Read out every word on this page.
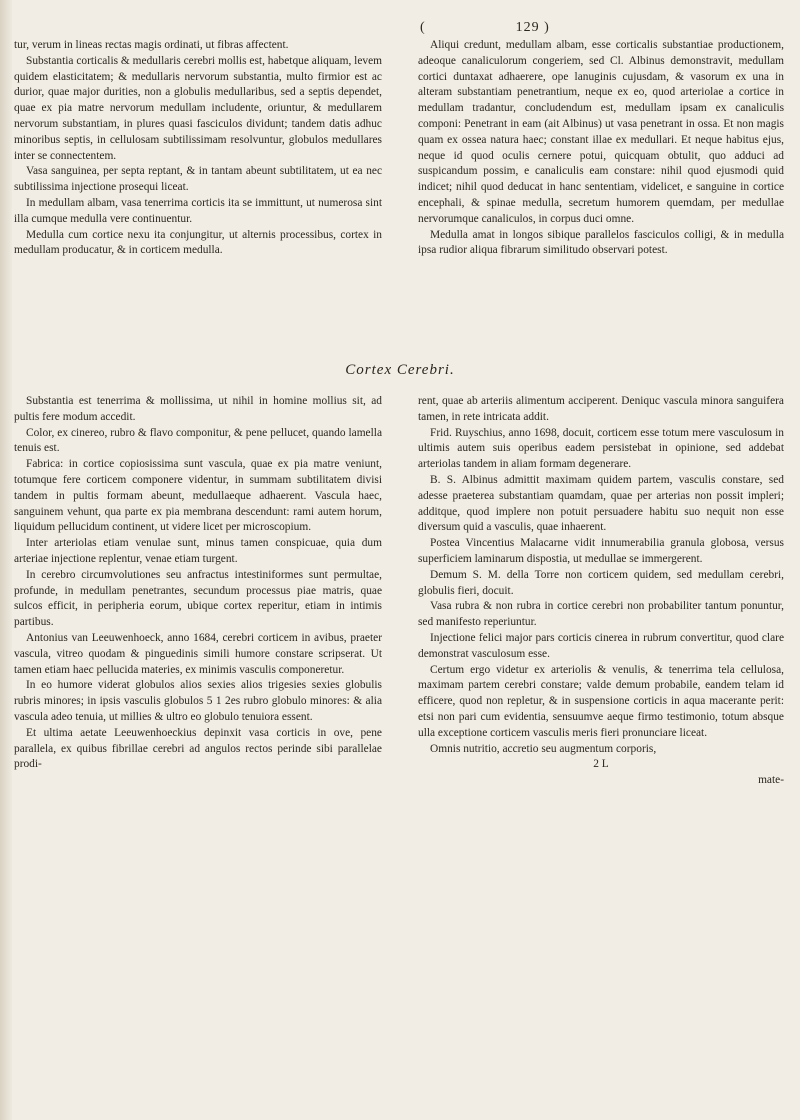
(	129 )

tur, verum in lineas rectas magis ordinati, ut fibras affectent.

Substantia corticalis & medullaris cerebri mollis est, habetque aliquam, levem quidem elasticitatem; & medullaris nervorum substantia, multo firmior est ac durior, quae major durities, non a globulis medullaribus, sed a septis dependet, quae ex pia matre nervorum medullam includente, oriuntur, & medullarem nervorum substantiam, in plures quasi fasciculos dividunt; tandem datis adhuc minoribus septis, in cellulosam subtilissimam resolvuntur, globulos medullares inter se connectentem.

Vasa sanguinea, per septa reptant, & in tantam abeunt subtilitatem, ut ea nec subtilissima injectione prosequi liceat.

In medullam albam, vasa tenerrima corticis ita se immittunt, ut numerosa sint illa cumque medulla vere continuentur.

Medulla cum cortice nexu ita conjungitur, ut alternis processibus, cortex in medullam producatur, & in corticem medulla.

Aliqui credunt, medullam albam, esse corticalis substantiae productionem, adeoque canaliculorum congeriem, sed Cl. Albinus demonstravit, medullam cortici duntaxat adhaerere, ope lanuginis cujusdam, & vasorum ex una in alteram substantiam penetrantium, neque ex eo, quod arteriolae a cortice in medullam tradantur, concludendum est, medullam ipsam ex canaliculis componi: Penetrant in eam (ait Albinus) ut vasa penetrant in ossa. Et non magis quam ex ossea natura haec; constant illae ex medullari. Et neque habitus ejus, neque id quod oculis cernere potui, quicquam obtulit, quo adduci ad suspicandum possim, e canaliculis eam constare: nihil quod ejusmodi quid indicet; nihil quod deducat in hanc sententiam, videlicet, e sanguine in cortice encephali, & spinae medulla, secretum humorem quemdam, per medullae nervorumque canaliculos, in corpus duci omne.

Medulla amat in longos sibique parallelos fasciculos colligi, & in medulla ipsa rudior aliqua fibrarum similitudo observari potest.

Cortex Cerebri.

Substantia est tenerrima & mollissima, ut nihil in homine mollius sit, ad pultis fere modum accedit.

Color, ex cinereo, rubro & flavo componitur, & pene pellucet, quando lamella tenuis est.

Fabrica: in cortice copiosissima sunt vasculа, quae ex pia matre veniunt, totumque fere corticem componere videntur, in summam subtilitatem divisi tandem in pultis formam abeunt, medullaeque adhaerent. Vascula haec, sanguinem vehunt, qua parte ex pia membrana descendunt: rami autem horum, liquidum pellucidum continent, ut videre licet per microscopium.

Inter arteriolas etiam venulae sunt, minus tamen conspicuae, quia dum arteriae injectione replentur, venae etiam turgent.

In cerebro circumvolutiones seu anfractus intestiniformes sunt permultae, profunde, in medullam penetrantes, secundum processus piae matris, quae sulcos efficit, in peripheria eorum, ubique cortex reperitur, etiam in intimis partibus.

Antonius van Leeuwenhoeck, anno 1684, cerebri corticem in avibus, praeter vascula, vitreo quodam & pinguedinis simili humore constare scripserat. Ut tamen etiam haec pellucida materies, ex minimis vasculis componeretur.

In eo humore viderat globulos alios sexies alios trigesies sexies globulis rubris minores; in ipsis vasculis globulos 5 1 2es rubro globulo minores: & alia vascula adeo tenuia, ut millies & ultro eo globulo tenuiora essent.

Et ultima aetate Leeuwenhoeckius depinxit vasa corticis in ove, pene parallela, ex quibus fibrillae cerebri ad angulos rectos perinde sibi parallelae prodi-

rent, quae ab arteriis alimentum acciperent. Deniquc vascula minora sanguifera tamen, in rete intricata addit.

Frid. Ruyschius, anno 1698, docuit, corticem esse totum mere vasculosum in ultimis autem suis operibus eadem persistebat in opinione, sed addebat arteriolas tandem in aliam formam degenerare.

B. S. Albinus admittit maximam quidem partem, vasculis constare, sed adesse praeterea substantiam quamdam, quae per arterias non possit impleri; additque, quod implere non potuit persuadere habitu suo nequit non esse diversum quid a vasculis, quae inhaerent.

Postea Vincentius Malacarne vidit innumerabilia granula globosa, versus superficiem laminarum dispostia, ut medullae se immergerent.

Demum S. M. della Torre non corticem quidem, sed medullam cerebri, globulis fieri, docuit.

Vasa rubra & non rubra in cortice cerebri non probabiliter tantum ponuntur, sed manifesto reperiuntur.

Injectione felici major pars corticis cinerea in rubrum convertitur, quod clare demonstrat vasculosum esse.

Certum ergo videtur ex arteriolis & venulis, & tenerrima tela cellulosa, maximam partem cerebri constare; valde demum probabile, eandem telam id efficere, quod non repletur, & in suspensione corticis in aqua macerante perit: etsi non pari cum evidentia, sensuumve aeque firmo testimonio, totum absque ulla exceptione corticem vasculis meris fieri pronunciare liceat.

Omnis nutritio, accretio seu augmentum corporis,

2 L

mate-
